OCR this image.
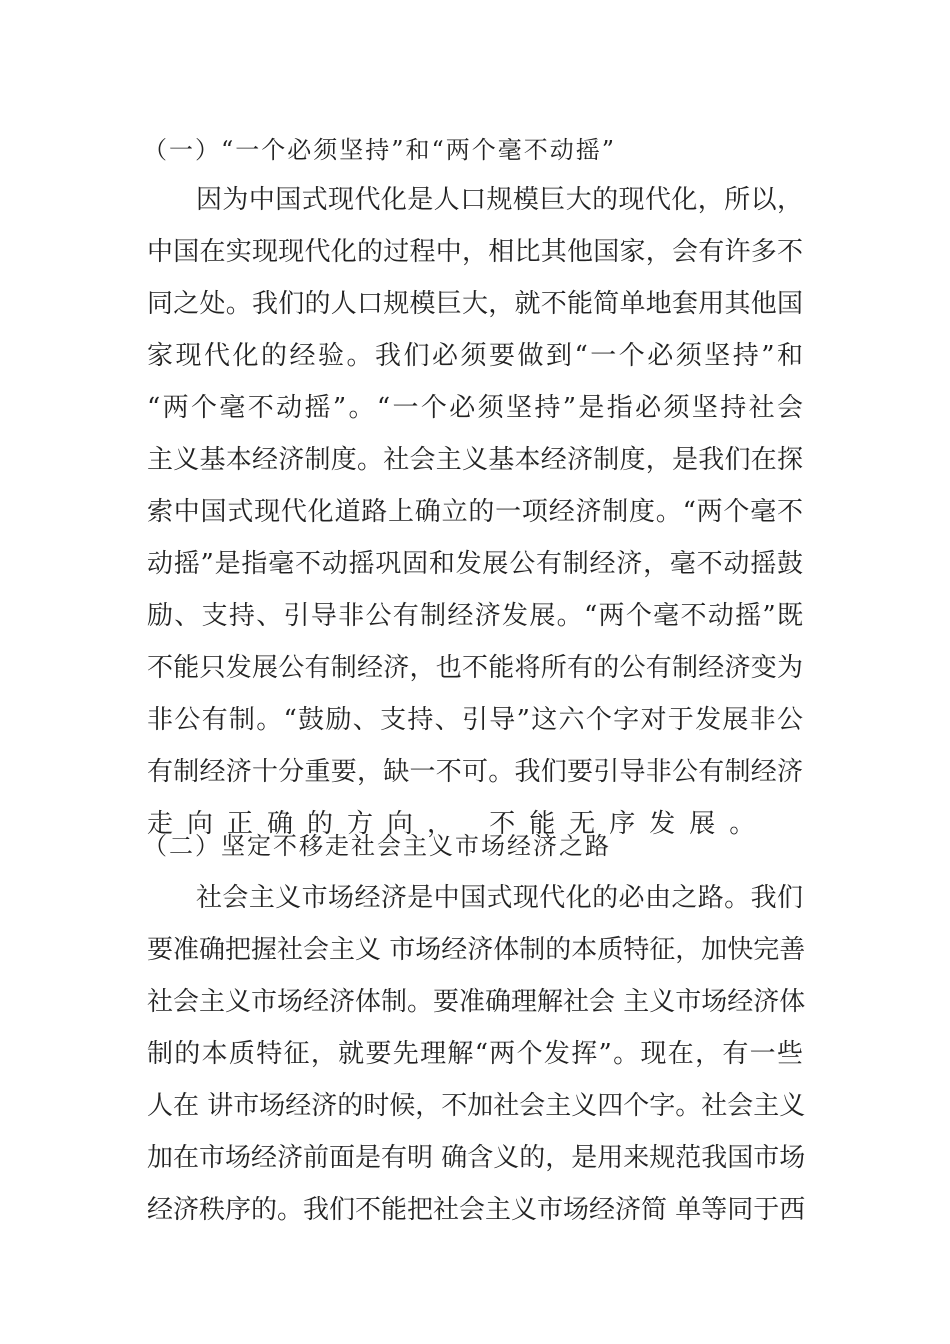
（一）“一个必须坚持”和“两个毫不动摇”
因为中国式现代化是人口规模巨大的现代化，所以，
中国在实现现代化的过程中，相比其他国家，会有许多不
同之处。我们的人口规模巨大，就不能简单地套用其他国
家现代化的经验。我们必须要做到“一个必须坚持”和
“两个毫不动摇”。“一个必须坚持”是指必须坚持社会
主义基本经济制度。社会主义基本经济制度，是我们在探
索中国式现代化道路上确立的一项经济制度。“两个毫不
动摇”是指毫不动摇巩固和发展公有制经济，毫不动摇鼓
励、支持、引导非公有制经济发展。“两个毫不动摇”既
不能只发展公有制经济，也不能将所有的公有制经济变为
非公有制。“鼓励、支持、引导”这六个字对于发展非公
有制经济十分重要，缺一不可。我们要引导非公有制经济
走向正确的方向， 不能无序发展。
（二）坚定不移走社会主义市场经济之路
社会主义市场经济是中国式现代化的必由之路。我们
要准确把握社会主义 市场经济体制的本质特征，加快完善
社会主义市场经济体制。要准确理解社会 主义市场经济体
制的本质特征，就要先理解“两个发挥”。现在，有一些
人在 讲市场经济的时候，不加社会主义四个字。社会主义
加在市场经济前面是有明 确含义的，是用来规范我国市场
经济秩序的。我们不能把社会主义市场经济简 单等同于西
